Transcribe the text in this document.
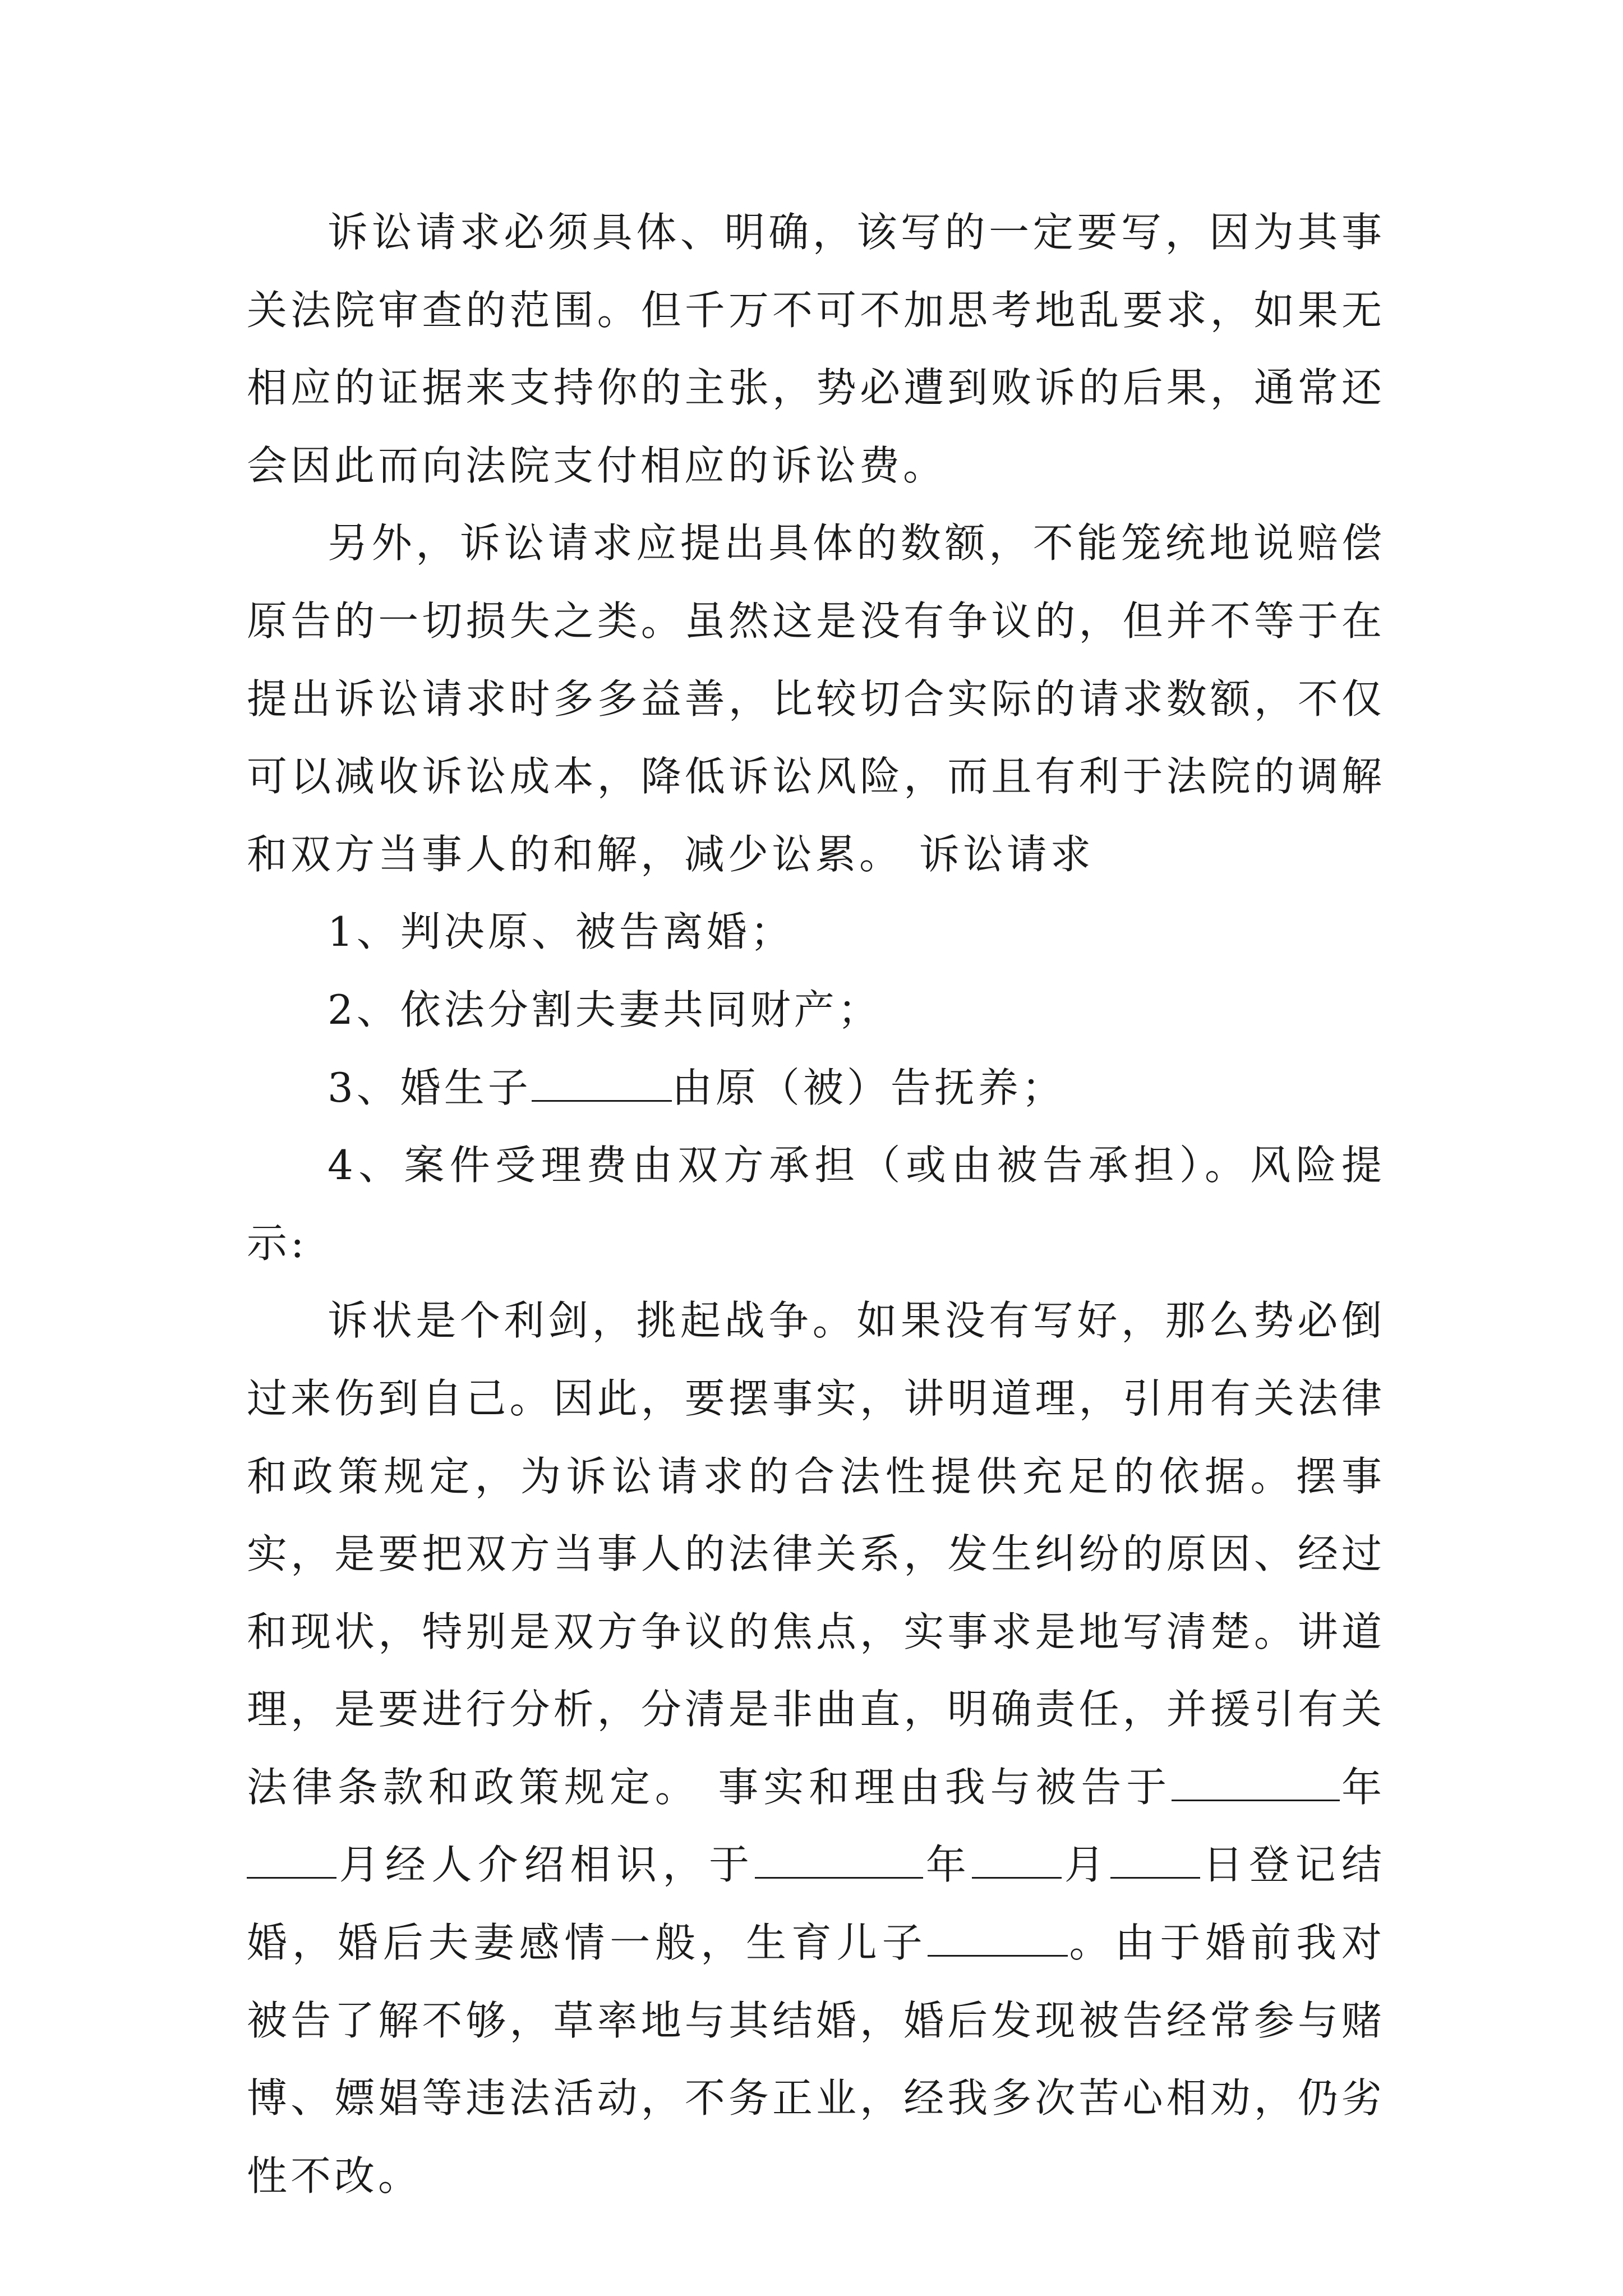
诉讼请求必须具体、明确，该写的一定要写，因为其事关法院审查的范围。但千万不可不加思考地乱要求，如果无相应的证据来支持你的主张，势必遭到败诉的后果，通常还会因此而向法院支付相应的诉讼费。

另外，诉讼请求应提出具体的数额，不能笼统地说赔偿原告的一切损失之类。虽然这是没有争议的，但并不等于在提出诉讼请求时多多益善，比较切合实际的请求数额，不仅可以减收诉讼成本，降低诉讼风险，而且有利于法院的调解和双方当事人的和解，减少讼累。 诉讼请求

1、判决原、被告离婚；

2、依法分割夫妻共同财产；

3、婚生子	由原（被）告抚养；

4、案件受理费由双方承担（或由被告承担）。风险提示:

诉状是个利剑，挑起战争。如果没有写好，那么势必倒过来伤到自己。因此，要摆事实，讲明道理，引用有关法律和政策规定，为诉讼请求的合法性提供充足的依据。摆事实，是要把双方当事人的法律关系，发生纠纷的原因、经过和现状，特别是双方争议的焦点，实事求是地写清楚。讲道理，是要进行分析，分清是非曲直，明确责任，并援引有关法律条款和政策规定。 事实和理由我与被告于	年月经人介绍相识，于	年 月 日登记结婚，婚后夫妻感情一般，生育儿子	。由于婚前我对被告了解不够，草率地与其结婚，婚后发现被告经常参与赌博、嫖娼等违法活动，不务正业，经我多次苦心相劝，仍劣性不改。
